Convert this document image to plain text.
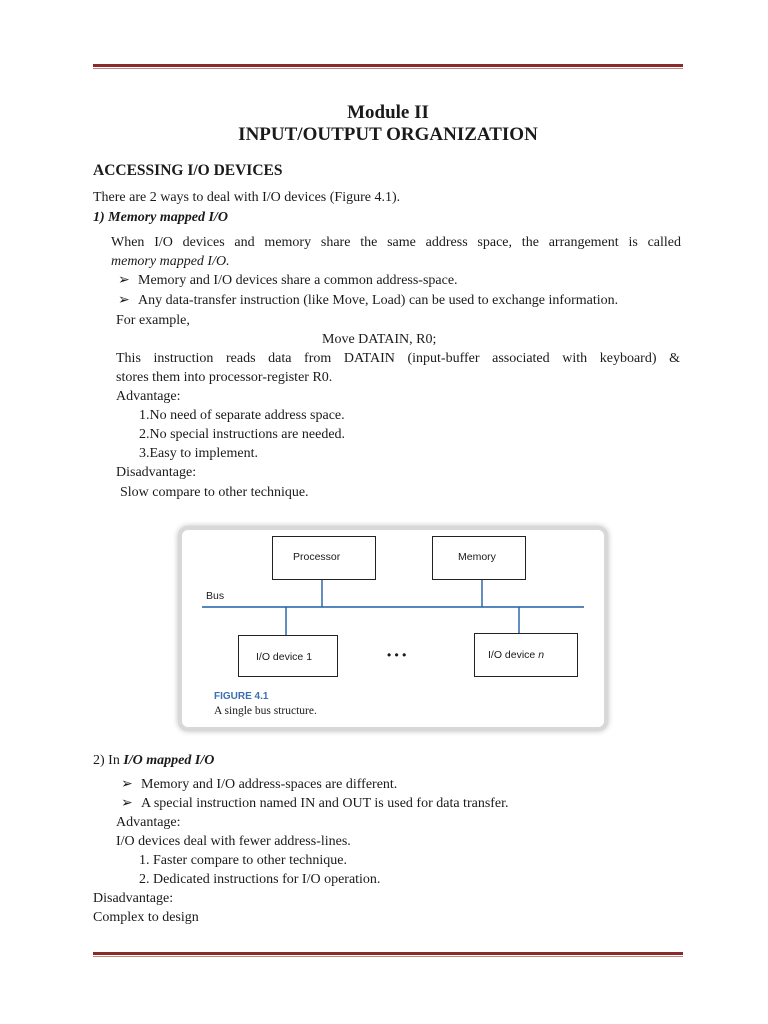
Module II
INPUT/OUTPUT ORGANIZATION
ACCESSING I/O DEVICES
There are 2 ways to deal with I/O devices (Figure 4.1).
1) Memory mapped I/O
When I/O devices and memory share the same address space, the arrangement is called
memory mapped I/O.
➢ Memory and I/O devices share a common address-space.
➢ Any data-transfer instruction (like Move, Load) can be used to exchange information.
For example,
Move DATAIN, R0;
This instruction reads data from DATAIN (input-buffer associated with keyboard) &
stores them into processor-register R0.
Advantage:
1.No need of separate address space.
2.No special instructions are needed.
3.Easy to implement.
Disadvantage:
Slow compare to other technique.
Processor	Memory
Bus
I/O device 1	• • •	I/O device n
FIGURE 4.1
A single bus structure.
2) In I/O mapped I/O
➢ Memory and I/O address-spaces are different.
➢ A special instruction named IN and OUT is used for data transfer.
Advantage:
I/O devices deal with fewer address-lines.
1. Faster compare to other technique.
2. Dedicated instructions for I/O operation.
Disadvantage:
Complex to design
